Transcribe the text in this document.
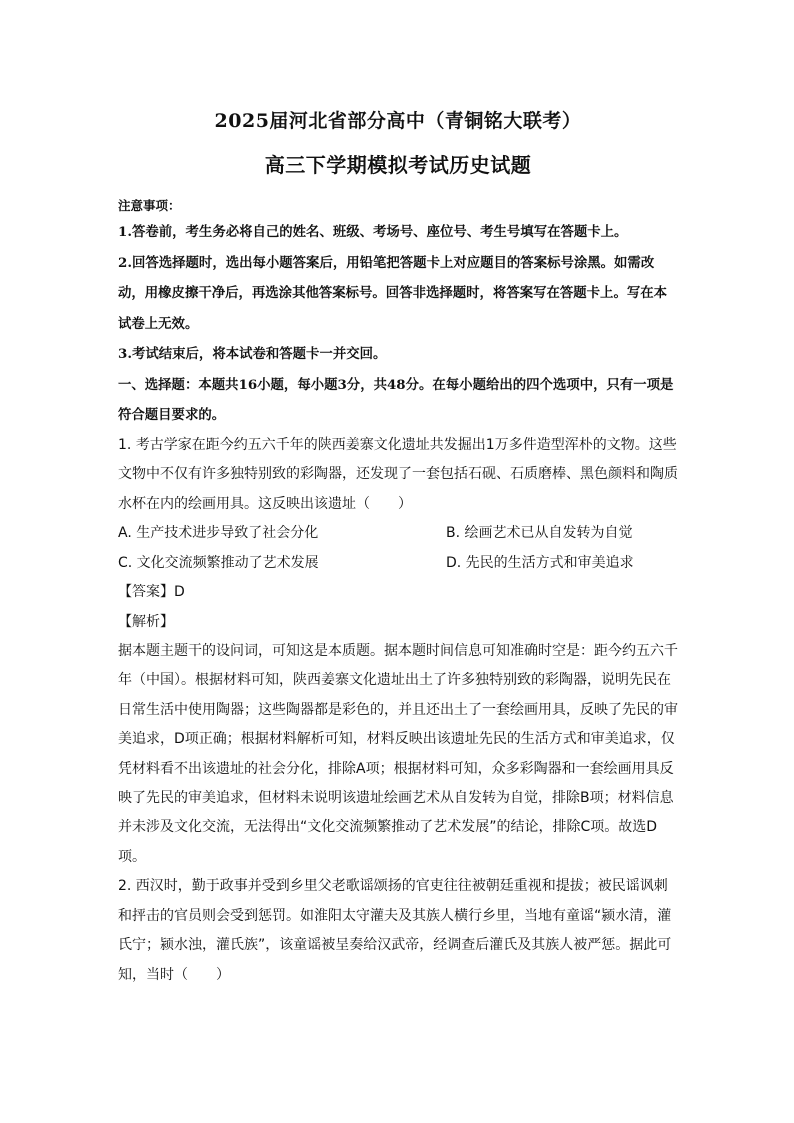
2025届河北省部分高中（青铜铭大联考）
高三下学期模拟考试历史试题
注意事项：

1.答卷前，考生务必将自己的姓名、班级、考场号、座位号、考生号填写在答题卡上。

2.回答选择题时，选出每小题答案后，用铅笔把答题卡上对应题目的答案标号涂黑。如需改动，用橡皮擦干净后，再选涂其他答案标号。回答非选择题时，将答案写在答题卡上。写在本试卷上无效。

3.考试结束后，将本试卷和答题卡一并交回。

一、选择题：本题共16小题，每小题3分，共48分。在每小题给出的四个选项中，只有一项是符合题目要求的。

1. 考古学家在距今约五六千年的陕西姜寨文化遗址共发掘出1万多件造型浑朴的文物。这些文物中不仅有许多独特别致的彩陶器，还发现了一套包括石砚、石质磨棒、黑色颜料和陶质水杯在内的绘画用具。这反映出该遗址（　　）

A. 生产技术进步导致了社会分化	B. 绘画艺术已从自发转为自觉
C. 文化交流频繁推动了艺术发展	D. 先民的生活方式和审美追求
【答案】D
【解析】

据本题主题干的设问词，可知这是本质题。据本题时间信息可知准确时空是：距今约五六千年（中国）。根据材料可知，陕西姜寨文化遗址出土了许多独特别致的彩陶器，说明先民在日常生活中使用陶器；这些陶器都是彩色的，并且还出土了一套绘画用具，反映了先民的审美追求，D项正确；根据材料解析可知，材料反映出该遗址先民的生活方式和审美追求，仅凭材料看不出该遗址的社会分化，排除A项；根据材料可知，众多彩陶器和一套绘画用具反映了先民的审美追求，但材料未说明该遗址绘画艺术从自发转为自觉，排除B项；材料信息并未涉及文化交流，无法得出“文化交流频繁推动了艺术发展”的结论，排除C项。故选D项。

2. 西汉时，勤于政事并受到乡里父老歌谣颂扬的官吏往往被朝廷重视和提拔；被民谣讽刺和抨击的官员则会受到惩罚。如淮阳太守灌夫及其族人横行乡里，当地有童谣“颍水清，灌氏宁；颍水浊，灌氏族”，该童谣被呈奏给汉武帝，经调查后灌氏及其族人被严惩。据此可知，当时（　　）
